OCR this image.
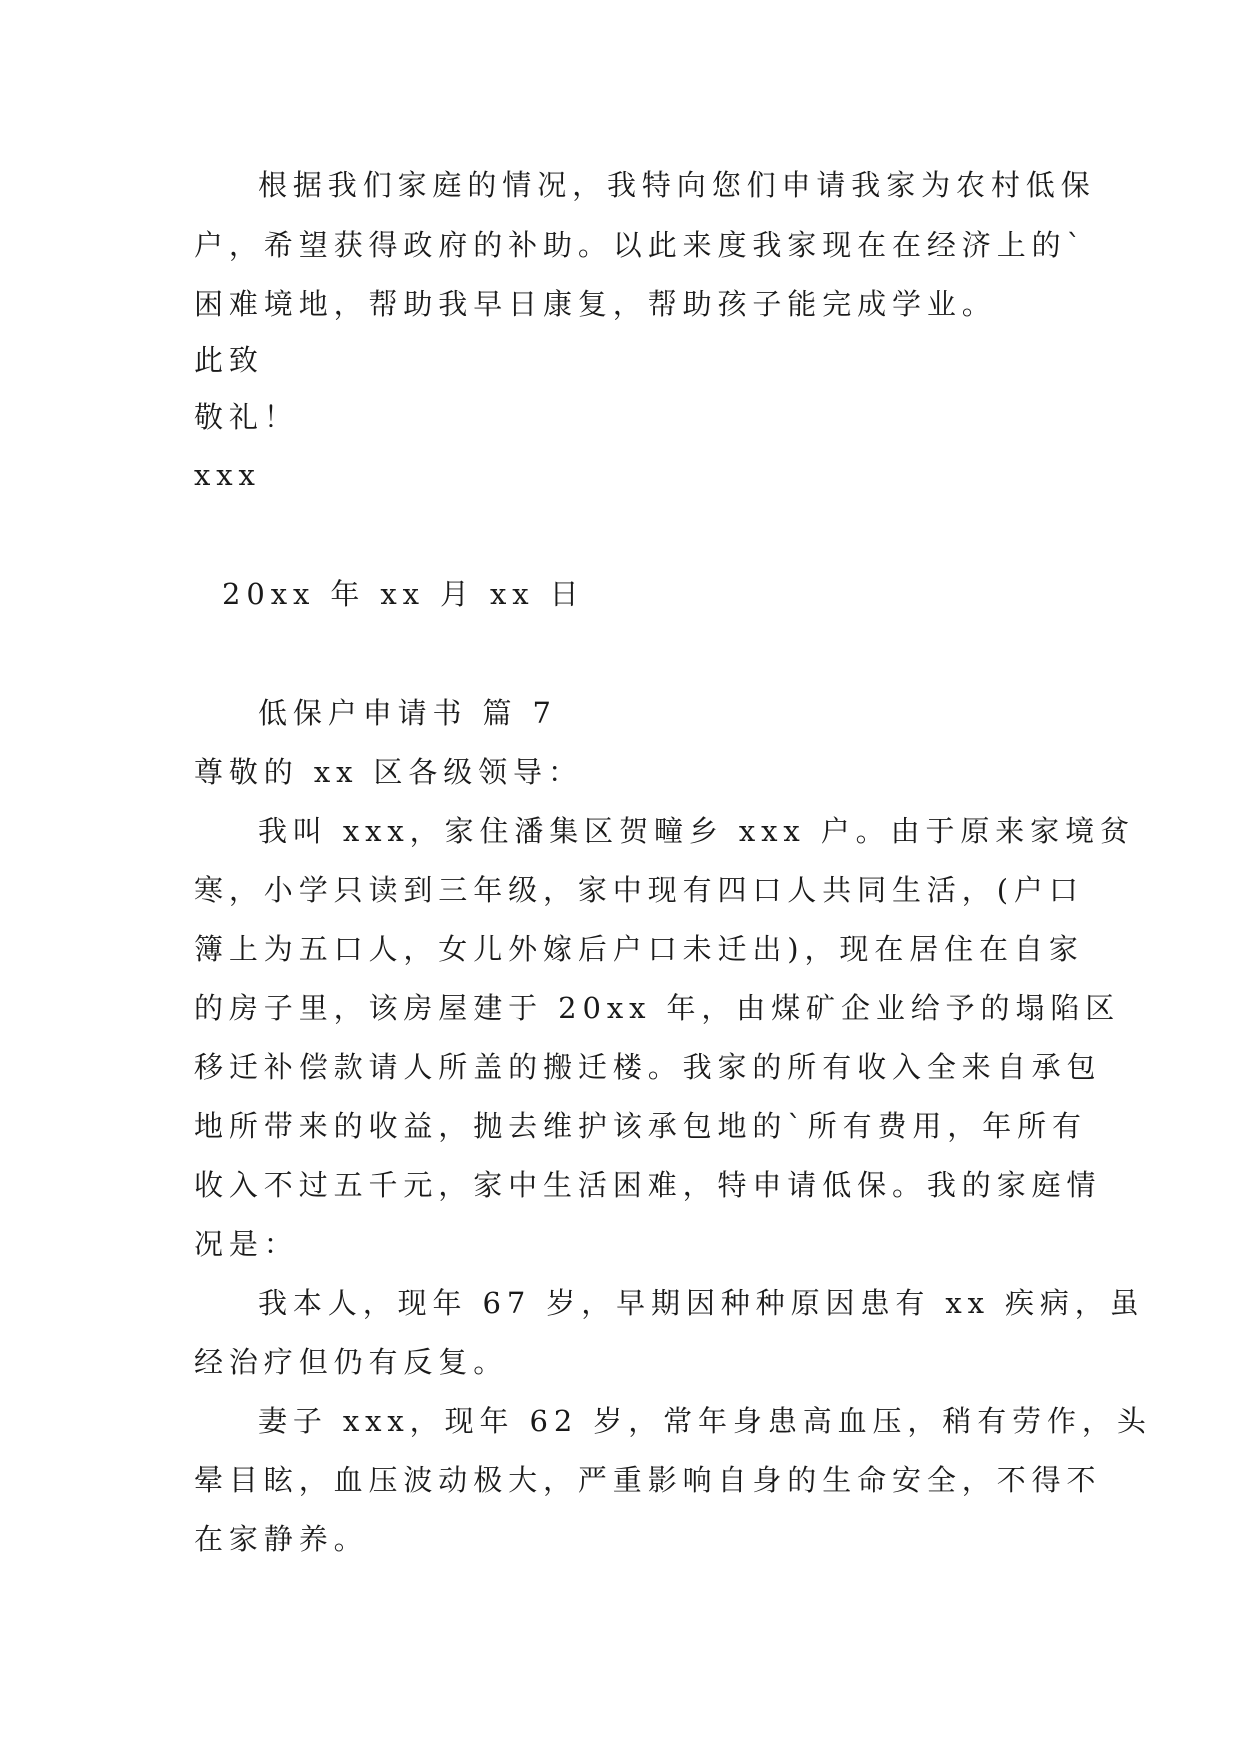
根据我们家庭的情况，我特向您们申请我家为农村低保
户，希望获得政府的补助。以此来度我家现在在经济上的`
困难境地，帮助我早日康复，帮助孩子能完成学业。
此致
敬礼！
xxx
20xx 年 xx 月 xx 日
低保户申请书 篇 7
尊敬的 xx 区各级领导：
我叫 xxx，家住潘集区贺疃乡 xxx 户。由于原来家境贫
寒，小学只读到三年级，家中现有四口人共同生活，(户口
簿上为五口人，女儿外嫁后户口未迁出)，现在居住在自家
的房子里，该房屋建于 20xx 年，由煤矿企业给予的塌陷区
移迁补偿款请人所盖的搬迁楼。我家的所有收入全来自承包
地所带来的收益，抛去维护该承包地的`所有费用，年所有
收入不过五千元，家中生活困难，特申请低保。我的家庭情
况是：
我本人，现年 67 岁，早期因种种原因患有 xx 疾病，虽
经治疗但仍有反复。
妻子 xxx，现年 62 岁，常年身患高血压，稍有劳作，头
晕目眩，血压波动极大，严重影响自身的生命安全，不得不
在家静养。
